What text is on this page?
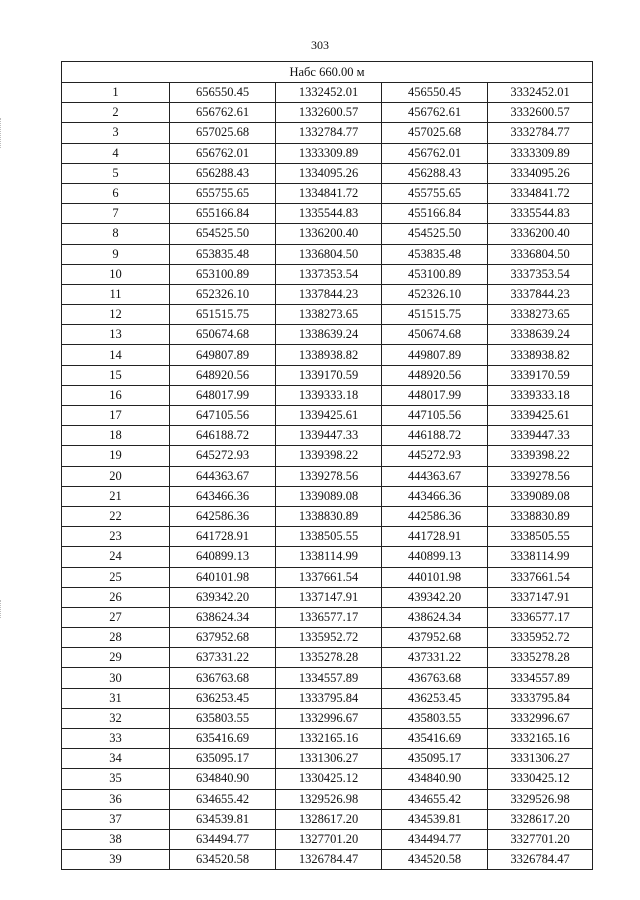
303
Набс 660.00 м				
1	656550.45	1332452.01	456550.45	3332452.01
2	656762.61	1332600.57	456762.61	3332600.57
3	657025.68	1332784.77	457025.68	3332784.77
4	656762.01	1333309.89	456762.01	3333309.89
5	656288.43	1334095.26	456288.43	3334095.26
6	655755.65	1334841.72	455755.65	3334841.72
7	655166.84	1335544.83	455166.84	3335544.83
8	654525.50	1336200.40	454525.50	3336200.40
9	653835.48	1336804.50	453835.48	3336804.50
10	653100.89	1337353.54	453100.89	3337353.54
11	652326.10	1337844.23	452326.10	3337844.23
12	651515.75	1338273.65	451515.75	3338273.65
13	650674.68	1338639.24	450674.68	3338639.24
14	649807.89	1338938.82	449807.89	3338938.82
15	648920.56	1339170.59	448920.56	3339170.59
16	648017.99	1339333.18	448017.99	3339333.18
17	647105.56	1339425.61	447105.56	3339425.61
18	646188.72	1339447.33	446188.72	3339447.33
19	645272.93	1339398.22	445272.93	3339398.22
20	644363.67	1339278.56	444363.67	3339278.56
21	643466.36	1339089.08	443466.36	3339089.08
22	642586.36	1338830.89	442586.36	3338830.89
23	641728.91	1338505.55	441728.91	3338505.55
24	640899.13	1338114.99	440899.13	3338114.99
25	640101.98	1337661.54	440101.98	3337661.54
26	639342.20	1337147.91	439342.20	3337147.91
27	638624.34	1336577.17	438624.34	3336577.17
28	637952.68	1335952.72	437952.68	3335952.72
29	637331.22	1335278.28	437331.22	3335278.28
30	636763.68	1334557.89	436763.68	3334557.89
31	636253.45	1333795.84	436253.45	3333795.84
32	635803.55	1332996.67	435803.55	3332996.67
33	635416.69	1332165.16	435416.69	3332165.16
34	635095.17	1331306.27	435095.17	3331306.27
35	634840.90	1330425.12	434840.90	3330425.12
36	634655.42	1329526.98	434655.42	3329526.98
37	634539.81	1328617.20	434539.81	3328617.20
38	634494.77	1327701.20	434494.77	3327701.20
39	634520.58	1326784.47	434520.58	3326784.47
